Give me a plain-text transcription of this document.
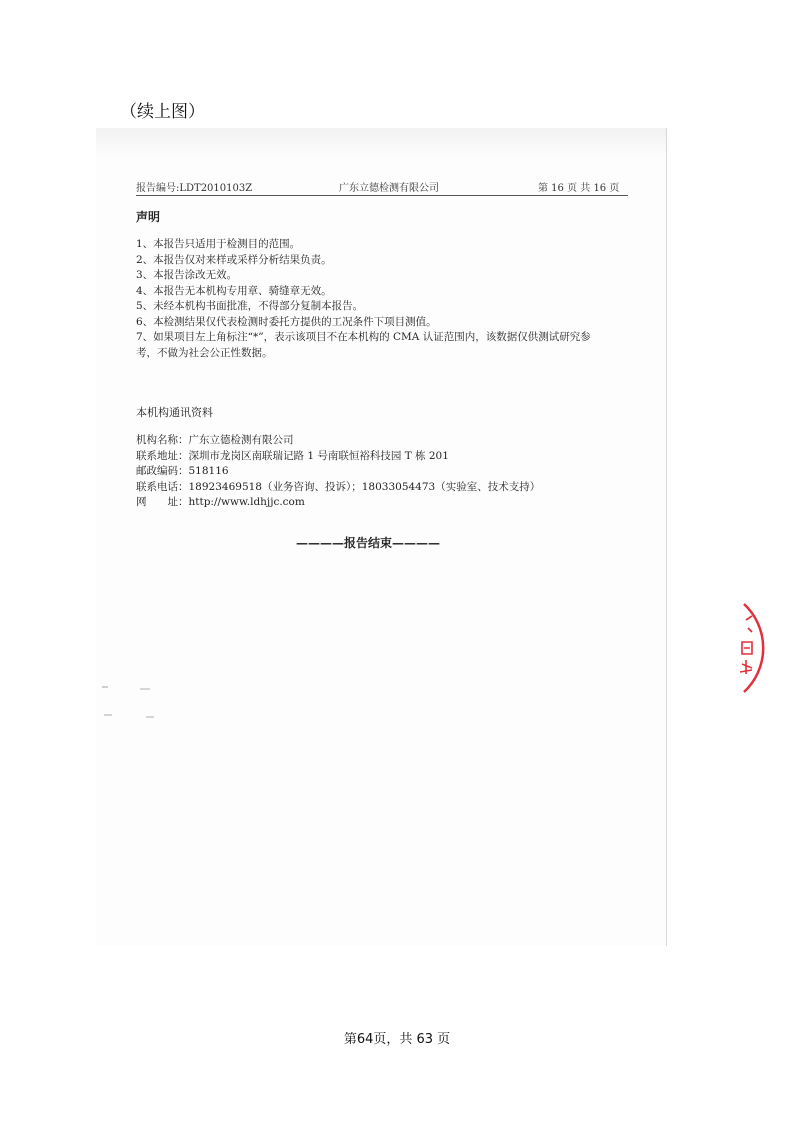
（续上图）
报告编号:LDT2010103Z	广东立德检测有限公司	第 16 页 共 16 页
声明
1、本报告只适用于检测目的范围。
2、本报告仅对来样或采样分析结果负责。
3、本报告涂改无效。
4、本报告无本机构专用章、骑缝章无效。
5、未经本机构书面批准，不得部分复制本报告。
6、本检测结果仅代表检测时委托方提供的工况条件下项目测值。
7、如果项目左上角标注“*”，表示该项目不在本机构的 CMA 认证范围内，该数据仅供测试研究参考，不做为社会公正性数据。
本机构通讯资料
机构名称：广东立德检测有限公司
联系地址：深圳市龙岗区南联瑞记路 1 号南联恒裕科技园 T 栋 201
邮政编码：518116
联系电话：18923469518（业务咨询、投诉）；18033054473（实验室、技术支持）
网　　址：http://www.ldhjjc.com
————报告结束————
第64页，共 63 页
